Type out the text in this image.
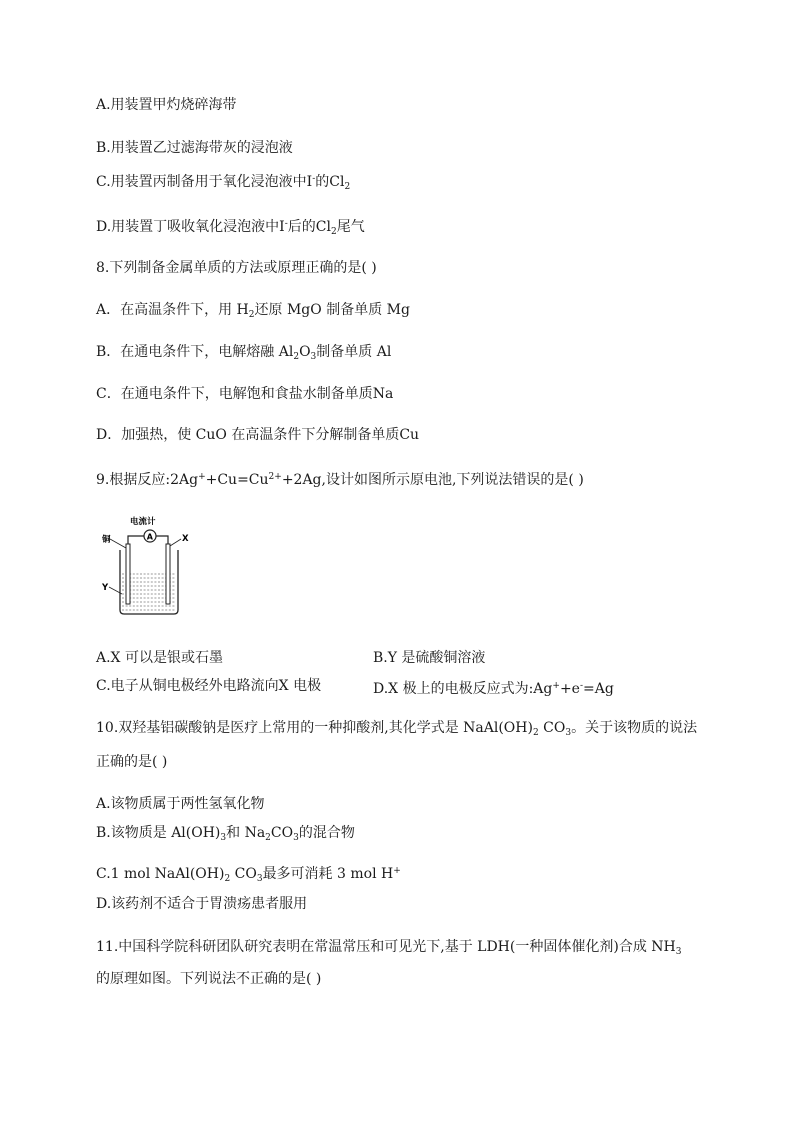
A.用装置甲灼烧碎海带
B.用装置乙过滤海带灰的浸泡液
C.用装置丙制备用于氧化浸泡液中I-的$Cl_2$
D.用装置丁吸收氧化浸泡液中I-后的$Cl_2$尾气
8.下列制备金属单质的方法或原理正确的是( )
A．在高温条件下，用 $H_2$还原 MgO 制备单质 Mg
B．在通电条件下，电解熔融 $Al_2O_3$制备单质 Al
C．在通电条件下，电解饱和食盐水制备单质Na
D．加强热，使 CuO 在高温条件下分解制备单质Cu
9.根据反应$:2Ag^++Cu=Cu^{2+}+2Ag$,设计如图所示原电池,下列说法错误的是( )
电流计
A
铜	X
Y
A.X 可以是银或石墨	B.Y 是硫酸铜溶液
C.电子从铜电极经外电路流向X 电极	D.X 极上的电极反应式为:Ag++e-=Ag
10.双羟基铝碳酸钠是医疗上常用的一种抑酸剂,其化学式是 $NaAl(OH)_2$ $CO_3$。关于该物质的说法
正确的是( )
A.该物质属于两性氢氧化物
B.该物质是 $Al(OH)_3$和 $Na_2CO_3$的混合物
C.1 mol $NaAl(OH)_2$ $CO_3$最多可消耗 3 mol H+
D.该药剂不适合于胃溃疡患者服用
11.中国科学院科研团队研究表明在常温常压和可见光下,基于 LDH(一种固体催化剂)合成 $NH_3$
的原理如图。下列说法不正确的是( )
